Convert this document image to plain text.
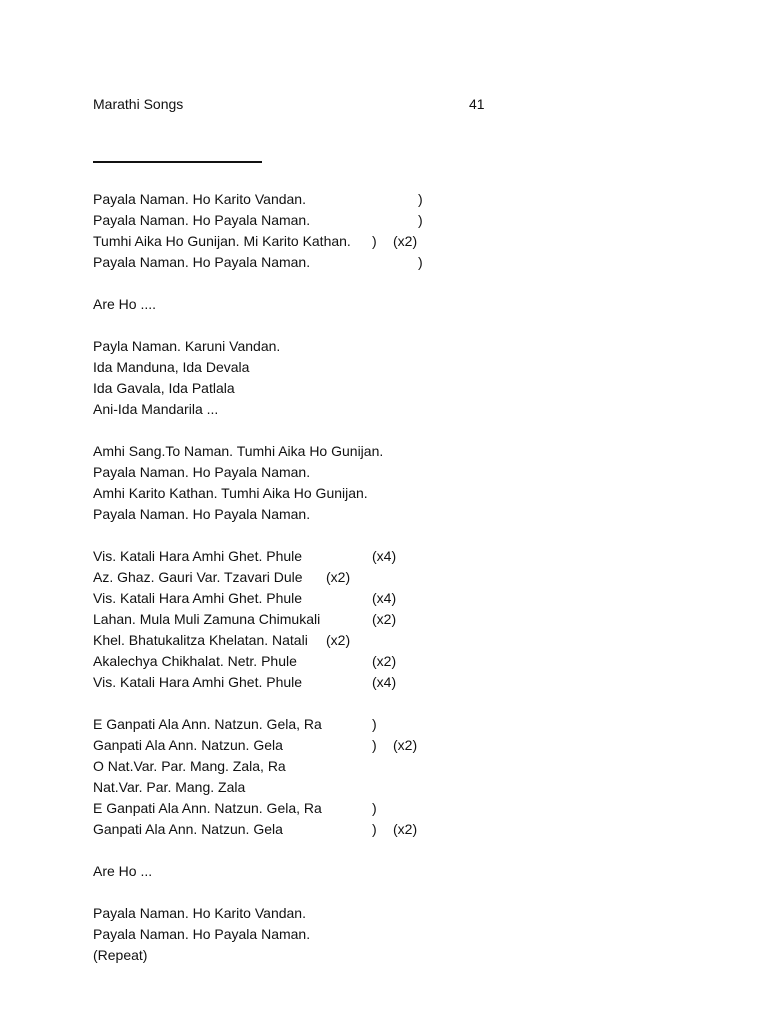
Marathi Songs	41
Payala Naman. Ho Karito Vandan.	)
Payala Naman. Ho Payala Naman.	)
Tumhi Aika Ho Gunijan. Mi Karito Kathan. ) (x2)
Payala Naman. Ho Payala Naman.	)
Are Ho ....
Payla Naman. Karuni Vandan.
Ida Manduna, Ida Devala
Ida Gavala, Ida Patlala
Ani-Ida Mandarila ...
Amhi Sang.To Naman. Tumhi Aika Ho Gunijan.
Payala Naman. Ho Payala Naman.
Amhi Karito Kathan. Tumhi Aika Ho Gunijan.
Payala Naman. Ho Payala Naman.
Vis. Katali Hara Amhi Ghet. Phule	(x4)
Az. Ghaz. Gauri Var. Tzavari Dule (x2)
Vis. Katali Hara Amhi Ghet. Phule	(x4)
Lahan. Mula Muli Zamuna Chimukali	(x2)
Khel. Bhatukalitza Khelatan. Natali (x2)
Akalechya Chikhalat. Netr. Phule	(x2)
Vis. Katali Hara Amhi Ghet. Phule	(x4)
E Ganpati Ala Ann. Natzun. Gela, Ra	)
Ganpati Ala Ann. Natzun. Gela	) (x2)
O Nat.Var. Par. Mang. Zala, Ra
Nat.Var. Par. Mang. Zala
E Ganpati Ala Ann. Natzun. Gela, Ra	)
Ganpati Ala Ann. Natzun. Gela	) (x2)
Are Ho ...
Payala Naman. Ho Karito Vandan.
Payala Naman. Ho Payala Naman.
(Repeat)
